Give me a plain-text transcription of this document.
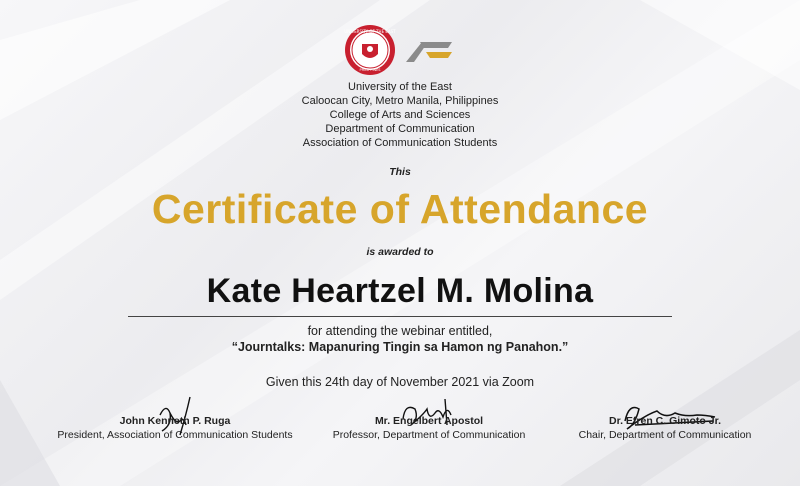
UNIVERSITY OF THE EAST
PHILIPPINES
University of the East
Caloocan City, Metro Manila, Philippines
College of Arts and Sciences
Department of Communication
Association of Communication Students
This
Certificate of Attendance
is awarded to
Kate Heartzel M. Molina
for attending the webinar entitled,
“Journtalks: Mapanuring Tingin sa Hamon ng Panahon.”
Given this 24th day of November 2021 via Zoom
John Kenneth P. Ruga
President, Association of Communication Students
Mr. Engelbert Apostol
Professor, Department of Communication
Dr. Efren C. Gimoto Jr.
Chair, Department of Communication
